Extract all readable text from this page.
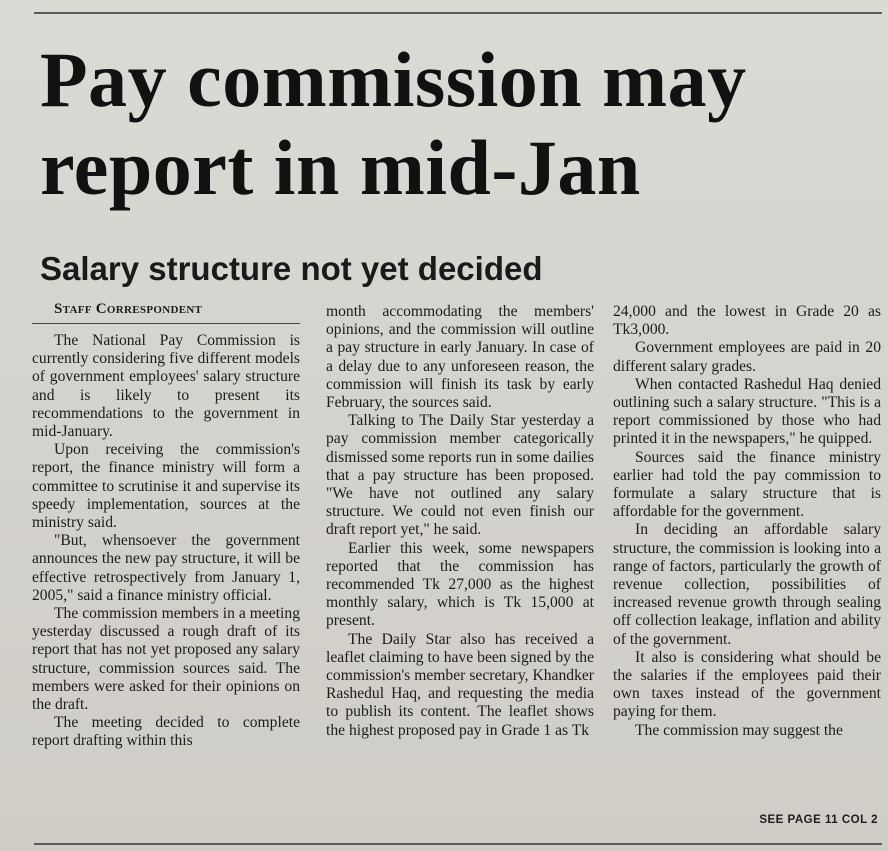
Pay commission may
report in mid-Jan
Salary structure not yet decided

Staff Correspondent

The National Pay Commission is currently considering five different models of government employees' salary structure and is likely to present its recommendations to the government in mid-January.

Upon receiving the commission's report, the finance ministry will form a committee to scrutinise it and supervise its speedy implementation, sources at the ministry said.

"But, whensoever the government announces the new pay structure, it will be effective retrospectively from January 1, 2005," said a finance ministry official.

The commission members in a meeting yesterday discussed a rough draft of its report that has not yet proposed any salary structure, commission sources said. The members were asked for their opinions on the draft.

The meeting decided to complete report drafting within this

month accommodating the members' opinions, and the commission will outline a pay structure in early January. In case of a delay due to any unforeseen reason, the commission will finish its task by early February, the sources said.

Talking to The Daily Star yesterday a pay commission member categorically dismissed some reports run in some dailies that a pay structure has been proposed. "We have not outlined any salary structure. We could not even finish our draft report yet," he said.

Earlier this week, some newspapers reported that the commission has recommended Tk 27,000 as the highest monthly salary, which is Tk 15,000 at present.

The Daily Star also has received a leaflet claiming to have been signed by the commission's member secretary, Khandker Rashedul Haq, and requesting the media to publish its content. The leaflet shows the highest proposed pay in Grade 1 as Tk

24,000 and the lowest in Grade 20 as Tk3,000.

Government employees are paid in 20 different salary grades.

When contacted Rashedul Haq denied outlining such a salary structure. "This is a report commissioned by those who had printed it in the newspapers," he quipped.

Sources said the finance ministry earlier had told the pay commission to formulate a salary structure that is affordable for the government.

In deciding an affordable salary structure, the commission is looking into a range of factors, particularly the growth of revenue collection, possibilities of increased revenue growth through sealing off collection leakage, inflation and ability of the government.

It also is considering what should be the salaries if the employees paid their own taxes instead of the government paying for them.

The commission may suggest the

SEE PAGE 11 COL 2
